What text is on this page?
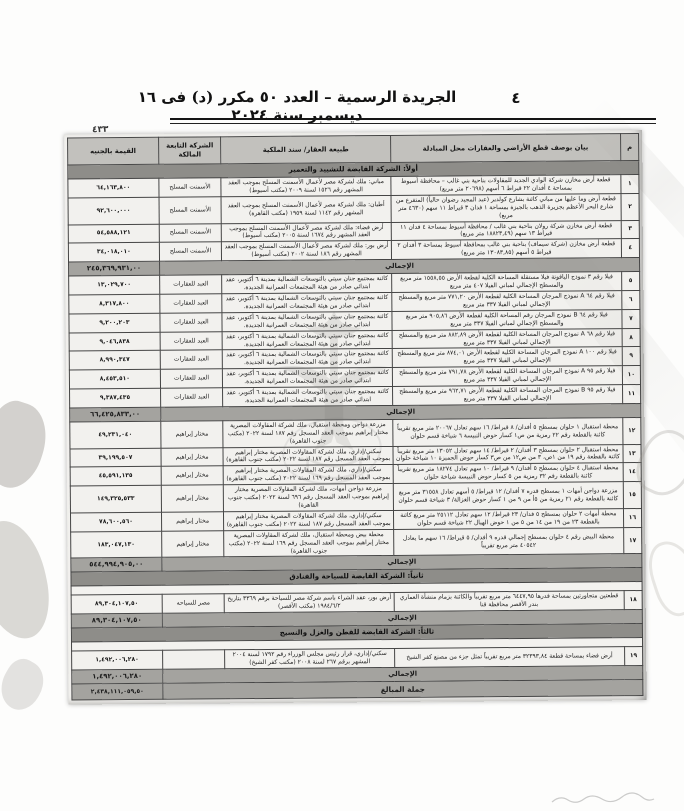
الجريدة الرسمية – العدد ٥٠ مكرر (د) فى ١٦ ديسمبر سنة ٢٠٢٤
٤
٤٣٣
م	بيان بوصف قطع الأراضي والعقارات محل المبادلة	طبيعة العقار/ سند الملكية	الشركة التابعة المالكة	القيمة بالجنيه
أولاً: الشركة القابضة للتشييد والتعمير				
١	قطعة أرض مخازن شركة الوادي الجديد للمقاولات بناحية بني غالب – محافظة أسيوط بمساحة ٤ أفدان ٢٢ قيراط ٦ أسهم (٢٠٦٩٨ متر مربع)	مباني: ملك لشركة مصر لأعمال الأسمنت المسلح بموجب العقد المشهر رقم ١٥٢٦ لسنة ٢٠٠٩ (مكتب أسيوط)	الأسمنت المسلح	٦٤,١٦٣,٨٠٠
٢	قطعة أرض وما عليها من مباني كائنة بشارع كولدير (عبد المجيد رضوان حالياً) المتفرع من شارع البحر الأعظم بجزيرة الذهب بالجيزة بمساحة ١ فدان ٣ قيراط ١١ سهم (٤٦٣٠ متر مربع)	أطيان: ملك لشركة مصر لأعمال الأسمنت المسلح بموجب العقد المشهر رقم ١١٤٢ لسنة ١٩٥٩ (مكتب القاهرة)	الأسمنت المسلح	٩٢,٦٠٠,٠٠٠
٣	قطعة أرض مخازن شركة رولان بناحية بني غالب / محافظة أسيوط بمساحة ٤ فدان ١١ قيراط ١٣ سهم (١٨٨٢٣,٤٩ متر مربع)	أرض فضاء: ملك لشركة مصر لأعمال الأسمنت المسلح بموجب العقد المشهر رقم ١٦٧٤ لسنة ٢٠٠٥ (مكتب أسيوط)	الأسمنت المسلح	٥٤,٥٨٨,١٢١
٤	قطعة أرض مخازن (شركة سيماف) بناحية بني غالب بمحافظة أسيوط بمساحة ٣ أفدان ٢ قيراط ٥ أسهم (١٣٠٨٣,٨٥ متر مربع)	أرض بور: ملك لشركة مصر لأعمال الأسمنت المسلح بموجب العقد المشهر رقم ١٨٦ لسنة ٢٠٠٢ (مكتب أسيوط)	الأسمنت المسلح	٣٤,٠١٨,٠١٠
الإجمالي				٢٤٥,٣٦٩,٩٣١,٠٠
٥	فيلا رقم ٣ نموذج الياقوتة فيلا مستقلة المساحة الكلية لقطعة الأرض ١٥٥٨,٥٥ متر مربع والمسطح الإجمالي لمباني الفيلا ٤٠٧ متر مربع	كائنة بمجتمع جنان سيتي بالتوسعات الشمالية بمدينة ٦ أكتوبر، عقد ابتدائي صادر من هيئة المجتمعات العمرانية الجديدة.	العبد للعقارات	١٣,٠٢٩,٧٠٠
٦	فيلا رقم ٦٤ A نموذج المرجان المساحة الكلية لقطعة الأرض ٧٧١,٢٠ متر مربع والمسطح الإجمالي لمباني الفيلا ٣٣٧ متر مربع	كائنة بمجتمع جنان سيتي بالتوسعات الشمالية بمدينة ٦ أكتوبر، عقد ابتدائي صادر من هيئة المجتمعات العمرانية الجديدة.	العبد للعقارات	٨,٣١٧,٨٠٠
٧	فيلا رقم ٦٤ B نموذج المرجان رقم المساحة الكلية لقطعة الأرض ٩٠٥,٨٦ متر مربع والمسطح الإجمالي لمباني الفيلا ٣٣٧ متر مربع	كائنة بمجتمع جنان سيتي بالتوسعات الشمالية بمدينة ٦ أكتوبر، عقد ابتدائي صادر من هيئة المجتمعات العمرانية الجديدة.	العبد للعقارات	٩,٢٠٠,٢٠٣
٨	فيلا رقم ٦٨ A نموذج المرجان المساحة الكلية لقطعة الأرض ٨٨٢,٨٩ متر مربع والمسطح الإجمالي لمباني الفيلا ٣٣٧ متر مربع	كائنة بمجتمع جنان سيتي بالتوسعات الشمالية بمدينة ٦ أكتوبر، عقد ابتدائي صادر من هيئة المجتمعات العمرانية الجديدة.	العبد للعقارات	٩,٠٤٦,٨٣٨
٩	فيلا رقم ١٠٠ A نموذج المرجان المساحة الكلية لقطعة الأرض ٨٧٤,٠١ متر مربع والمسطح الإجمالي لمباني الفيلا ٣٣٧ متر مربع	كائنة بمجتمع جنان سيتي بالتوسعات الشمالية بمدينة ٦ أكتوبر، عقد ابتدائي صادر من هيئة المجتمعات العمرانية الجديدة.	العبد للعقارات	٨,٩٩٠,٣٤٧
١٠	فيلا رقم ٩٥ A نموذج المرجان المساحة الكلية لقطعة الأرض ٧٩١,٧٨ متر مربع والمسطح الإجمالي لمباني الفيلا ٣٣٧ متر مربع	كائنة بمجتمع جنان سيتي بالتوسعات الشمالية بمدينة ٦ أكتوبر، عقد ابتدائي صادر من هيئة المجتمعات العمرانية الجديدة.	العبد للعقارات	٨,٤٥٣,٥١٠
١١	فيلا رقم ٩٥ B نموذج المرجان المساحة الكلية لقطعة الأرض ٩٦٢,٧١ متر مربع والمسطح الإجمالي لمباني الفيلا ٣٣٧ متر مربع	كائنة بمجتمع جنان سيتي بالتوسعات الشمالية بمدينة ٦ أكتوبر، عقد ابتدائي صادر من هيئة المجتمعات العمرانية الجديدة.	العبد للعقارات	٩,٣٨٧,٤٣٥
الإجمالي				٦٦,٤٢٥,٨٣٣,٠٠
١٢	محطة استقبال ١ حلوان بمسطح ٥ أفدان/ ٨ قيراط/ ١٦ سهم تعادل ٢٠٠٦٧ متر مربع تقريباً كائنة بالقطعة رقم ٢٢ رمزية من ص١ كسار حوض النبيسة ٦ شياخة قسم حلوان	مزرعة دواجن ومحطة استقبال، ملك لشركة المقاولات المصرية مختار إبراهيم بموجب العقد المسجل رقم ١٨٧ لسنة ٢٠٢٢ (مكتب جنوب القاهرة)	مختار إبراهيم	٤٩,٢٣١,٠٤٠
١٣	محطة استقبال ٢ حلوان بمسطح ٣ أفدان/ ٢ قيراط/ ١٤ سهم تعادل ١٣٠٥٢ متر مربع تقريباً كائنة بالقطعة رقم ١٩ من ١ص، ٣ من ص١٢ من ص٣ كسار حوض الجميزة ١٠ شياخة حلوان	سكني/إداري، ملك لشركة المقاولات المصرية مختار إبراهيم بموجب العقد المسجل رقم ١٨٧ لسنة ٢٠٢٢ (مكتب جنوب القاهرة)	مختار إبراهيم	٣٩,١٩٩,٥٠٧
١٤	محطة استقبال ٤ حلوان بمسطح ٥ أفدان/ ٩ قيراط/ ١٠ سهم تعادل ١٨٢٧٤ متر مربع تقريباً كائنة بالقطعة رقم ٣٢ رمزية من ٥ كسار حوض النبيسة شياخة حلوان	سكني/إداري، ملك لشركة المقاولات المصرية مختار إبراهيم بموجب العقد المسجل رقم ١٦٩ لسنة ٢٠٢٢ (مكتب جنوب القاهرة)	مختار إبراهيم	٤٥,٥٩١,١٣٥
١٥	مزرعة دواجن أمهات ١ بمسطح قدره ٧ أفدان/ ١٢ قيراط/ ٥ أسهم تعادل ٣١٥٥٨ متر مربع كائنة بالقطعة رقم ٢١ رمزية من ٥أ من ٩ من ١ كسار حوض الغزالة/ ٣ شياخة قسم حلوان	مزرعة دواجن أمهات، ملك لشركة المقاولات المصرية مختار إبراهيم بموجب العقد المسجل رقم ٦٩٦ لسنة ٢٠٢٢ (مكتب جنوب القاهرة)	مختار إبراهيم	١٤٩,٣٢٥,٥٣٣
١٦	محطة أمهات ٢ حلوان بمسطح ٥ فدان/ ٢٣ قيراط/ ١٢ سهم تعادل ٢٥١١٢ متر مربع كائنة بالقطعة ٢٣ من ١٩ من ١٤ من ٥ من ١ حوض الهيال ٢٢ شياخة قسم حلوان	سكني/إداري، ملك لشركة المقاولات المصرية مختار إبراهيم بموجب العقد المسجل رقم ١٨٧ لسنة ٢٠٢٢ (مكتب جنوب القاهرة)	مختار إبراهيم	٧٨,٦٠٠,٥٦٠
١٧	محطة البيض رقم ٤ حلوان بمسطح إجمالي قدره ٩ أفدان/ ٥ قيراط/ ١٦ سهم ما يعادل ٤٠٥٤٢ متر مربع تقريباً	محطة بيض ومحطة استقبال، ملك لشركة المقاولات المصرية مختار إبراهيم بموجب العقد المسجل رقم ١٦٩ لسنة ٢٠٢٢ (مكتب جنوب القاهرة)	مختار إبراهيم	١٨٣,٠٤٧,١٣٠
الإجمالي				٥٤٤,٩٩٤,٩٠٥,٠٠
ثانياً: الشركة القابضة للسياحة والفنادق				

١٨	قطعتين متجاورتين بمساحة قدرها ٦٤٤٧,٩٥ متر مربع تقريباً والكائنة بزمام منشأة العماري بندر الأقصر محافظة قنا	أرض بور، عقد الشراء باسم شركة مصر للسياحة برقم ٣٣٦٩ بتاريخ ١٩٨٤/٦/٢ (مكتب الأقصر)	مصر للسياحه	٨٩,٣٠٤,١٠٧,٥٠
الإجمالي				٨٩,٣٠٤,١٠٧,٥٠
ثالثاً: الشركة القابضة للقطن والغزل والنسيج				

١٩	أرض فضاء بمساحة قطعة ٣٢٣٩٣,٨٤ متر مربع تقريباً تمثل جزء من مصنع كفر الشيخ	سكني/إداري، قرار رئيس مجلس الوزراء رقم ١٧٩٢ لسنة ٢٠٠٤ المشهر برقم ٢٦٧ لسنة ٢٠٠٨ (مكتب كفر الشيخ)		١,٤٩٢,٠٠٦,٢٨٠
الإجمالي				١,٤٩٢,٠٠٦,٢٨٠
جملة المبالغ				٢,٤٣٨,١١١,٠٥٩,٥٠
